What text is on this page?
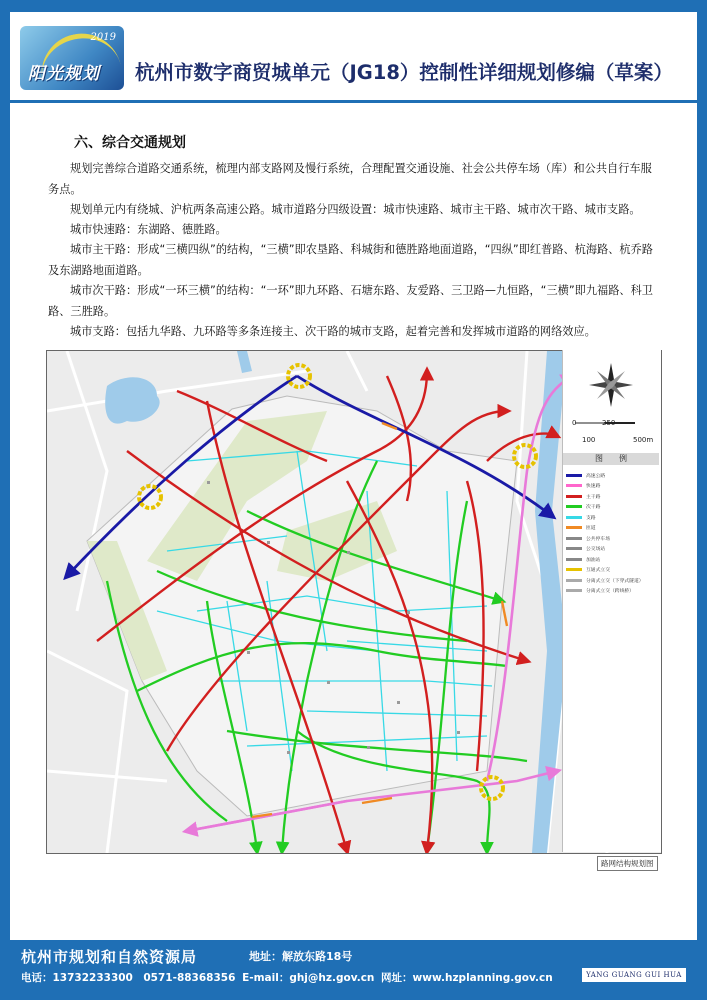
2019
阳光规划 杭州市数字商贸城单元（JG18）控制性详细规划修编（草案）
六、综合交通规划
规划完善综合道路交通系统，梳理内部支路网及慢行系统，合理配置交通设施、社会公共停车场（库）和公共自行车服务点。
规划单元内有绕城、沪杭两条高速公路。城市道路分四级设置：城市快速路、城市主干路、城市次干路、城市支路。
城市快速路：东湖路、德胜路。
城市主干路：形成“三横四纵”的结构，“三横”即农垦路、科城街和德胜路地面道路，“四纵”即红普路、杭海路、杭乔路及东湖路地面道路。
城市次干路：形成“一环三横”的结构：“一环”即九环路、石塘东路、友爱路、三卫路—九恒路，“三横”即九福路、科卫路、三胜路。
城市支路：包括九华路、九环路等多条连接主、次干路的城市支路，起着完善和发挥城市道路的网络效应。
0	250
100	500m
图　　例
高速公路
快速路
主干路
次干路
支路
匝道
公共停车场
公交场站
加油站
互通式立交
分离式立交（下穿式隧道）
分离式立交（跨线桥）
路网结构规划图
杭州市规划和自然资源局	地址：解放东路18号
电话：13732233300　0571-88368356 E-mail：ghj@hz.gov.cn 网址：www.hzplanning.gov.cn	YANG GUANG GUI HUA
